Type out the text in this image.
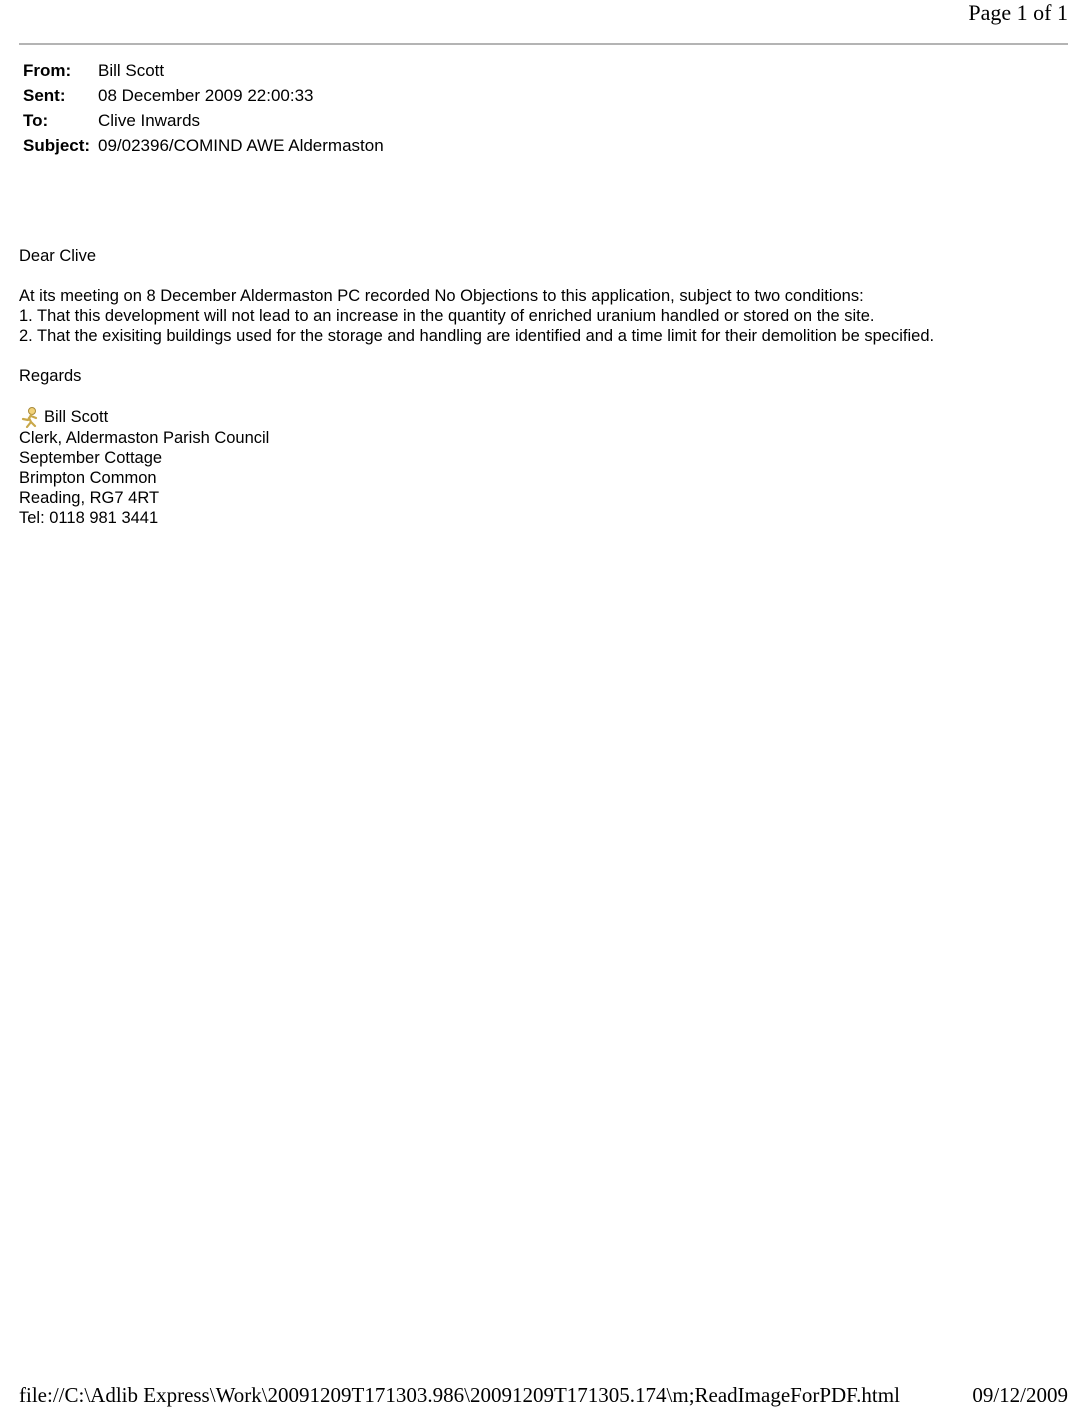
Page 1 of 1
From:	Bill Scott
Sent:	08 December 2009 22:00:33
To:	Clive Inwards
Subject: 09/02396/COMIND AWE Aldermaston
Dear Clive
At its meeting on 8 December Aldermaston PC recorded No Objections to this application, subject to two conditions:
1. That this development will not lead to an increase in the quantity of enriched uranium handled or stored on the site.
2. That the exisiting buildings used for the storage and handling are identified and a time limit for their demolition be specified.
Regards
Bill Scott
Clerk, Aldermaston Parish Council
September Cottage
Brimpton Common
Reading, RG7 4RT
Tel: 0118 981 3441
file://C:\Adlib Express\Work\20091209T171303.986\20091209T171305.174\m;ReadImageForPDF.html	09/12/2009
